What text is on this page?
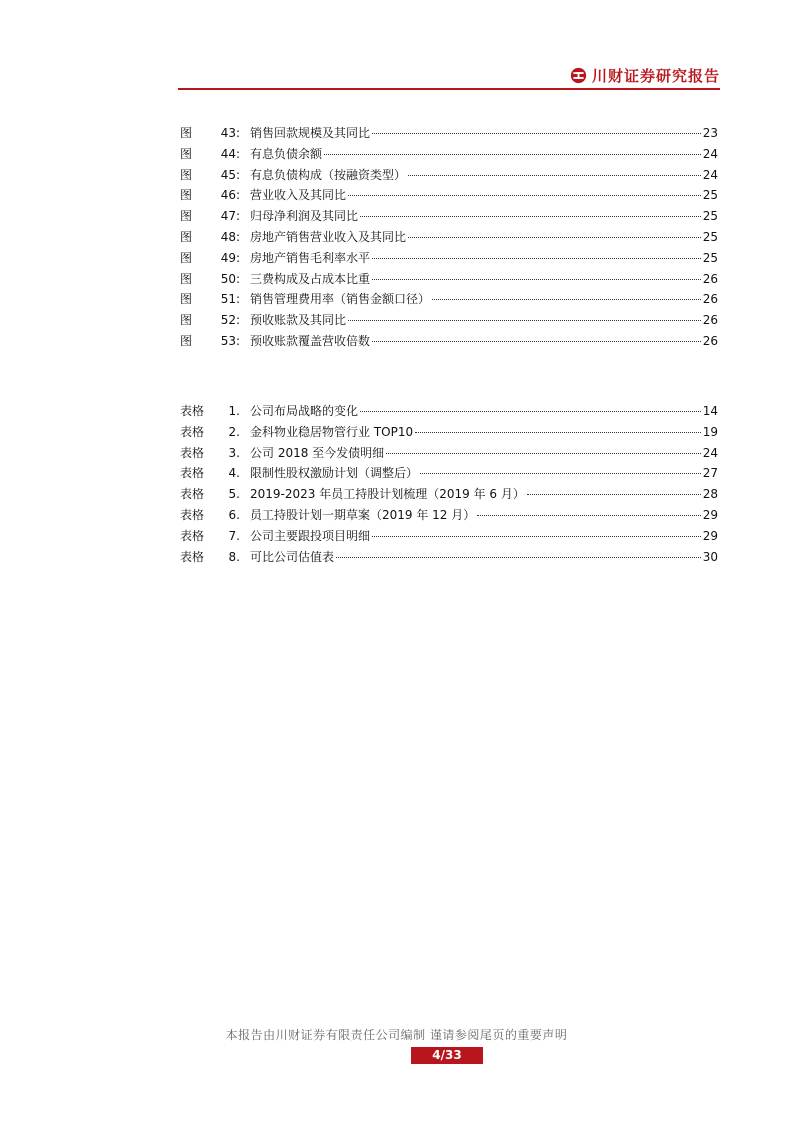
川财证券研究报告
图 43: 销售回款规模及其同比	23
图 44: 有息负债余额	24
图 45: 有息负债构成（按融资类型）	24
图 46: 营业收入及其同比	25
图 47: 归母净利润及其同比	25
图 48: 房地产销售营业收入及其同比	25
图 49: 房地产销售毛利率水平	25
图 50: 三费构成及占成本比重	26
图 51: 销售管理费用率（销售金额口径）	26
图 52: 预收账款及其同比	26
图 53: 预收账款覆盖营收倍数	26
表格 1. 公司布局战略的变化	14
表格 2. 金科物业稳居物管行业 TOP10	19
表格 3. 公司 2018 至今发债明细	24
表格 4. 限制性股权激励计划（调整后）	27
表格 5. 2019-2023 年员工持股计划梳理（2019 年 6 月）	28
表格 6. 员工持股计划一期草案（2019 年 12 月）	29
表格 7. 公司主要跟投项目明细	29
表格 8. 可比公司估值表	30
本报告由川财证券有限责任公司编制 谨请参阅尾页的重要声明
4/33
